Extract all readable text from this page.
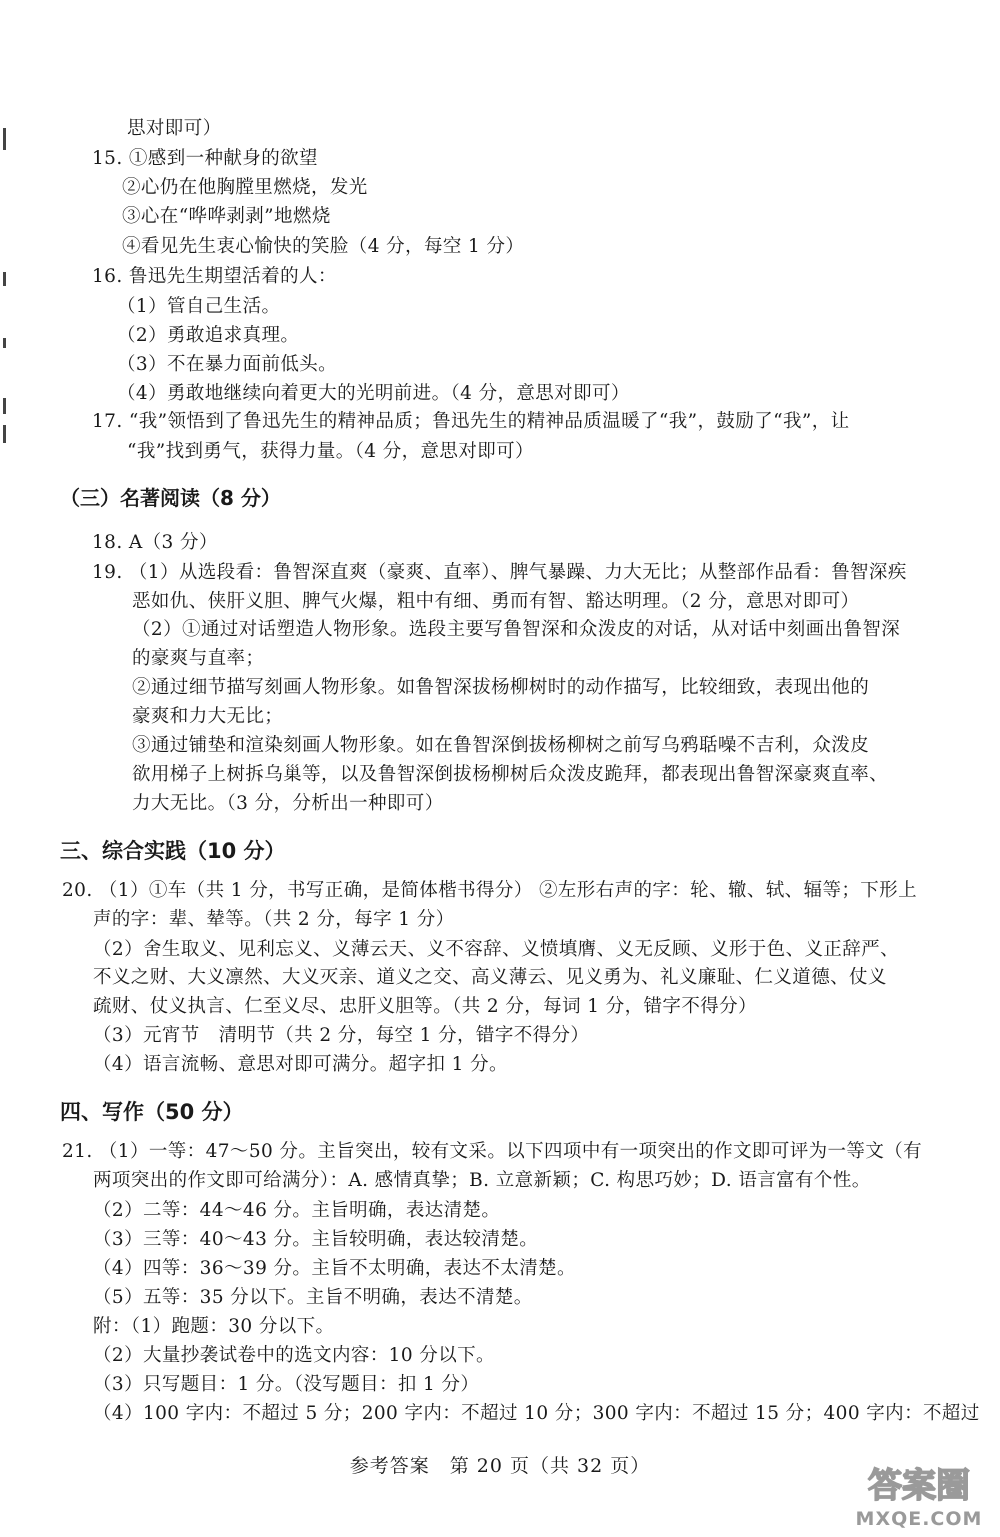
思对即可）
15. ①感到一种献身的欲望
②心仍在他胸膛里燃烧，发光
③心在“哗哗剥剥”地燃烧
④看见先生衷心愉快的笑脸（4 分，每空 1 分）
16. 鲁迅先生期望活着的人：
（1）管自己生活。
（2）勇敢追求真理。
（3）不在暴力面前低头。
（4）勇敢地继续向着更大的光明前进。（4 分，意思对即可）
17. “我”领悟到了鲁迅先生的精神品质；鲁迅先生的精神品质温暖了“我”，鼓励了“我”，让
“我”找到勇气，获得力量。（4 分，意思对即可）
（三）名著阅读（8 分）
18. A（3 分）
19. （1）从选段看：鲁智深直爽（豪爽、直率）、脾气暴躁、力大无比；从整部作品看：鲁智深疾
恶如仇、侠肝义胆、脾气火爆，粗中有细、勇而有智、豁达明理。（2 分，意思对即可）
（2）①通过对话塑造人物形象。选段主要写鲁智深和众泼皮的对话，从对话中刻画出鲁智深
的豪爽与直率；
②通过细节描写刻画人物形象。如鲁智深拔杨柳树时的动作描写，比较细致，表现出他的
豪爽和力大无比；
③通过铺垫和渲染刻画人物形象。如在鲁智深倒拔杨柳树之前写乌鸦聒噪不吉利，众泼皮
欲用梯子上树拆乌巢等，以及鲁智深倒拔杨柳树后众泼皮跪拜，都表现出鲁智深豪爽直率、
力大无比。（3 分，分析出一种即可）
三、综合实践（10 分）
20. （1）①车（共 1 分，书写正确，是简体楷书得分） ②左形右声的字：轮、辙、轼、辐等；下形上
声的字：辈、辇等。（共 2 分，每字 1 分）
（2）舍生取义、见利忘义、义薄云天、义不容辞、义愤填膺、义无反顾、义形于色、义正辞严、
不义之财、大义凛然、大义灭亲、道义之交、高义薄云、见义勇为、礼义廉耻、仁义道德、仗义
疏财、仗义执言、仁至义尽、忠肝义胆等。（共 2 分，每词 1 分，错字不得分）
（3）元宵节　清明节（共 2 分，每空 1 分，错字不得分）
（4）语言流畅、意思对即可满分。超字扣 1 分。
四、写作（50 分）
21. （1）一等：47～50 分。主旨突出，较有文采。以下四项中有一项突出的作文即可评为一等文（有
两项突出的作文即可给满分）：A. 感情真挚；B. 立意新颖；C. 构思巧妙；D. 语言富有个性。
（2）二等：44～46 分。主旨明确，表达清楚。
（3）三等：40～43 分。主旨较明确，表达较清楚。
（4）四等：36～39 分。主旨不太明确，表达不太清楚。
（5）五等：35 分以下。主旨不明确，表达不清楚。
附：（1）跑题：30 分以下。
（2）大量抄袭试卷中的选文内容：10 分以下。
（3）只写题目：1 分。（没写题目：扣 1 分）
（4）100 字内：不超过 5 分；200 字内：不超过 10 分；300 字内：不超过 15 分；400 字内：不超过
参考答案　第 20 页（共 32 页）	答案圈
MXQE.COM
